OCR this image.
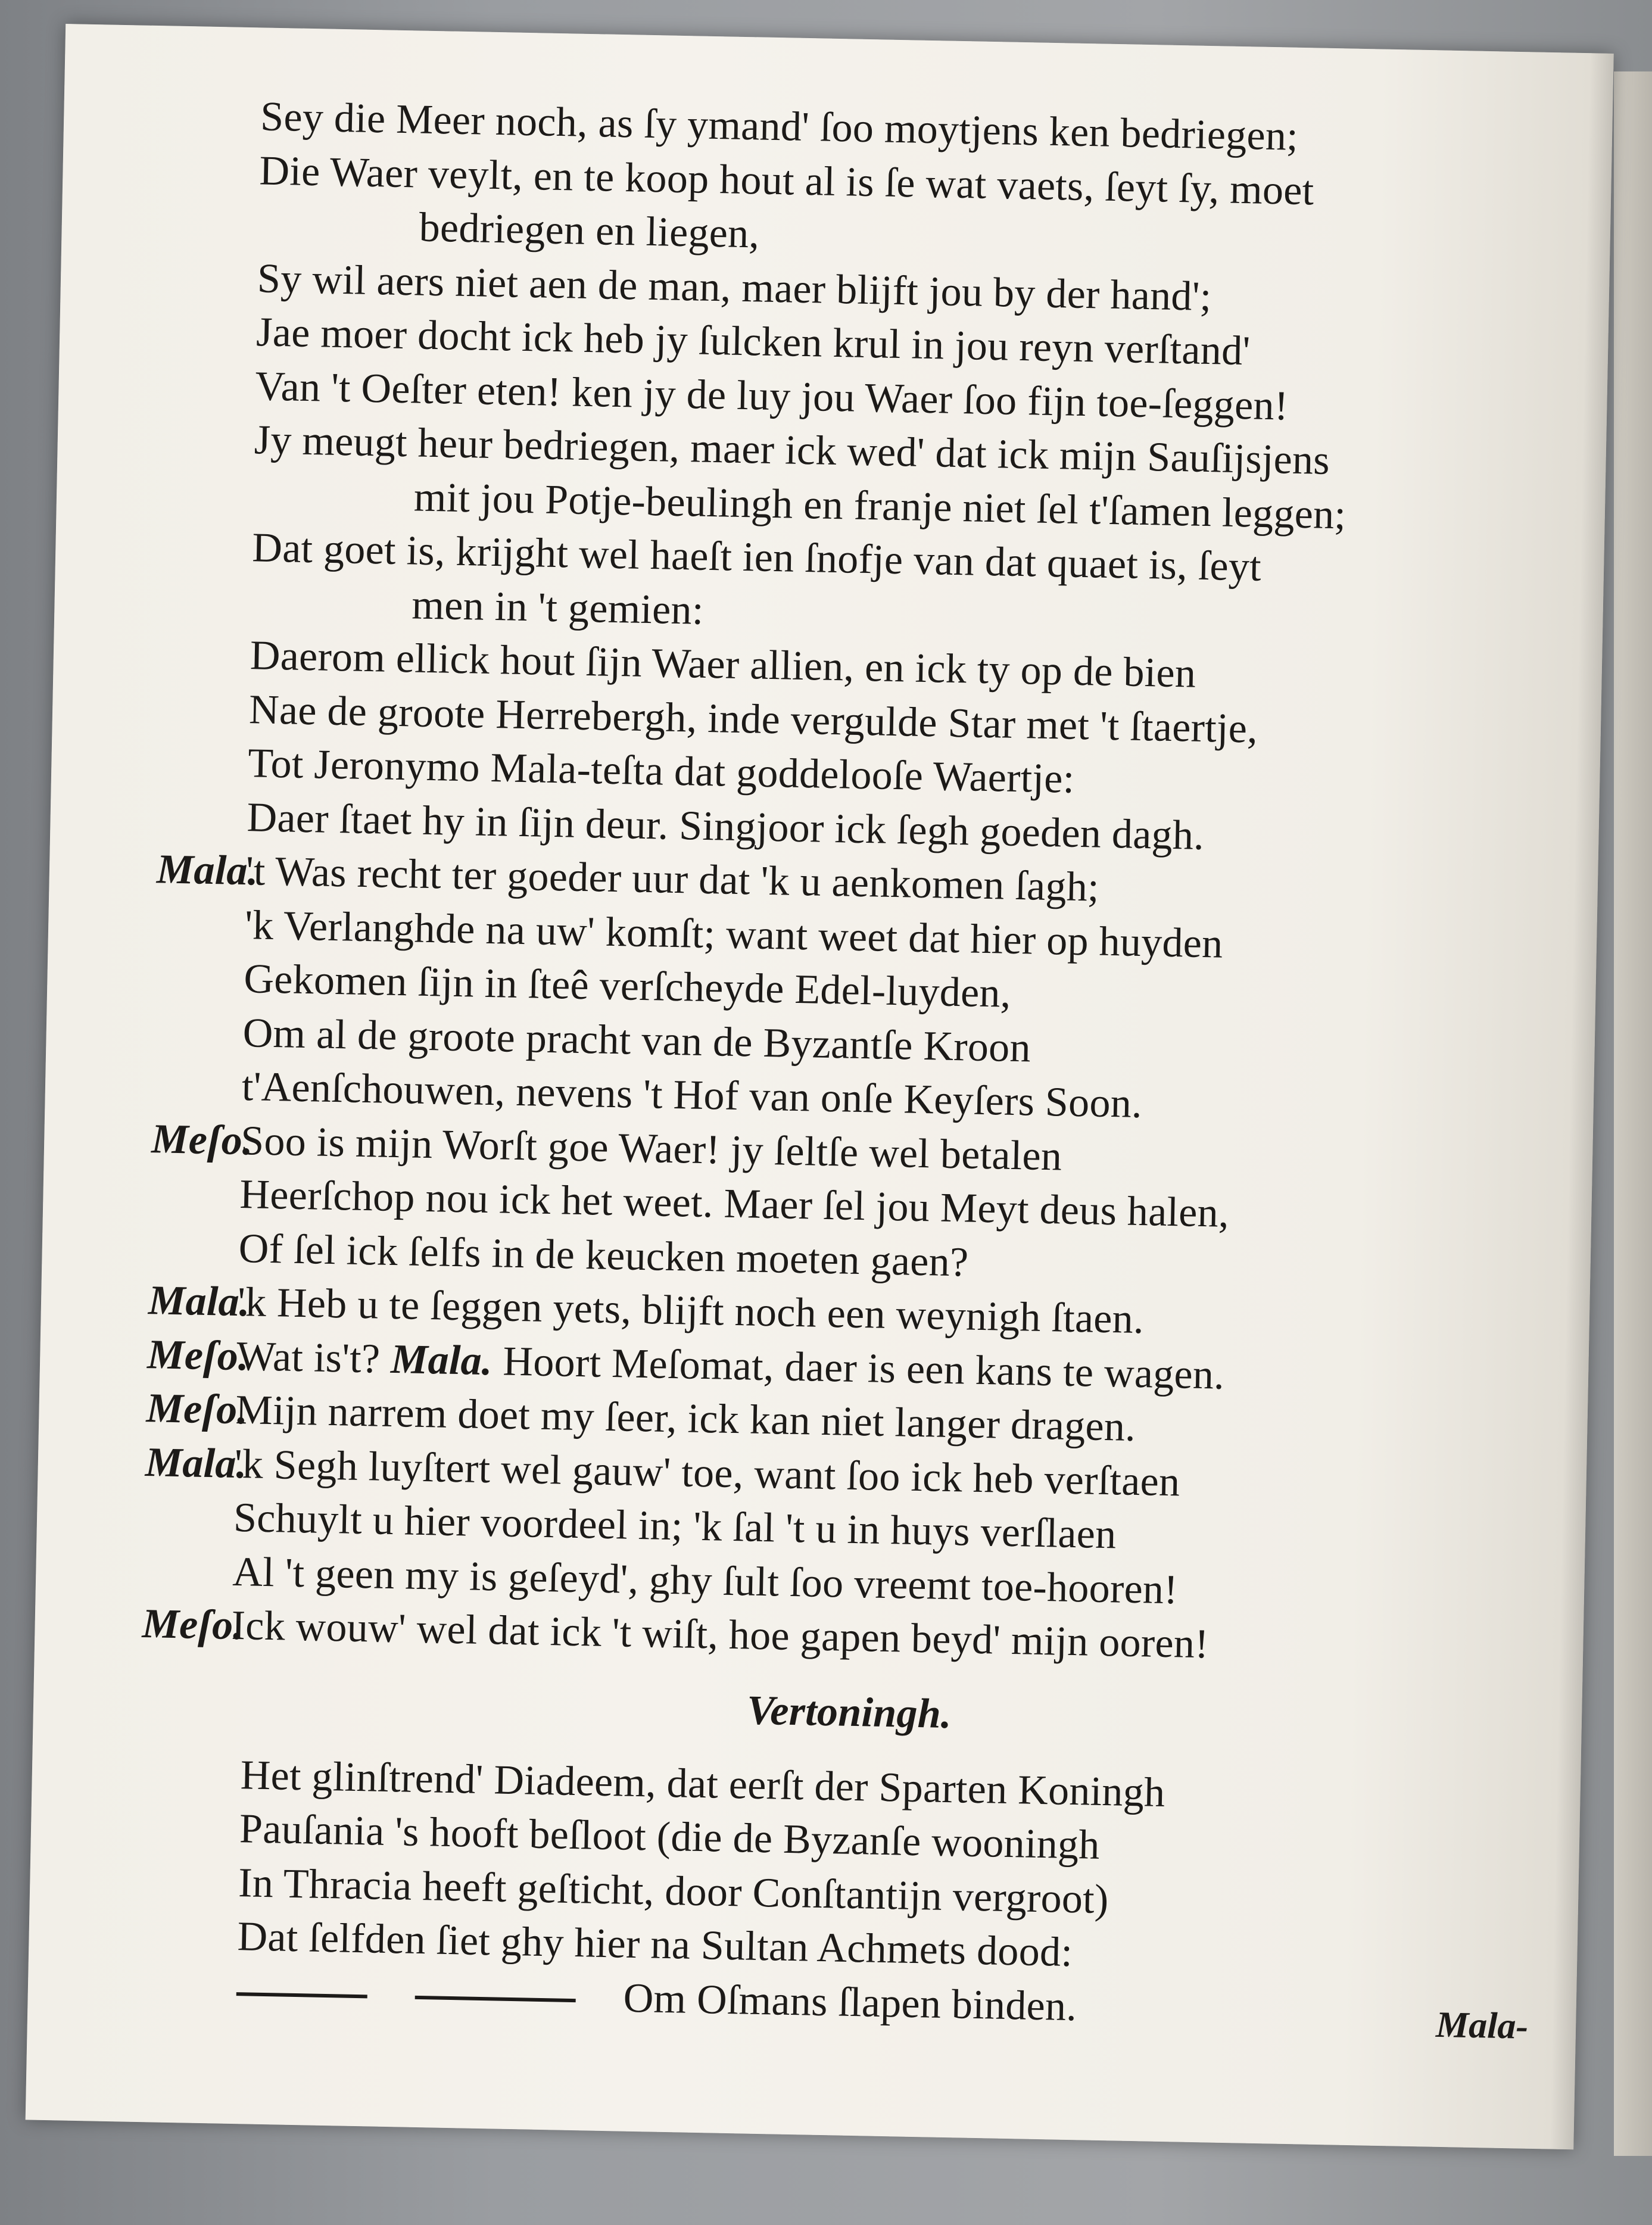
Sey die Meer noch, as ſy ymand' ſoo moytjens ken bedriegen;
Die Waer veylt, en te koop hout al is ſe wat vaets, ſeyt ſy, moet
bedriegen en liegen,
Sy wil aers niet aen de man, maer blijft jou by der hand';
Jae moer docht ick heb jy ſulcken krul in jou reyn verſtand'
Van 't Oeſter eten! ken jy de luy jou Waer ſoo fijn toe-ſeggen!
Jy meugt heur bedriegen, maer ick wed' dat ick mijn Sauſijsjens
mit jou Potje-beulingh en franje niet ſel t'ſamen leggen;
Dat goet is, krijght wel haeſt ien ſnofje van dat quaet is, ſeyt
men in 't gemien:
Daerom ellick hout ſijn Waer allien, en ick ty op de bien
Nae de groote Herrebergh, inde vergulde Star met 't ſtaertje,
Tot Jeronymo Mala-teſta dat goddelooſe Waertje:
Daer ſtaet hy in ſijn deur. Singjoor ick ſegh goeden dagh.
Mala.
't Was recht ter goeder uur dat 'k u aenkomen ſagh;
'k Verlanghde na uw' komſt; want weet dat hier op huyden
Gekomen ſijn in ſteê verſcheyde Edel-luyden,
Om al de groote pracht van de Byzantſe Kroon
t'Aenſchouwen, nevens 't Hof van onſe Keyſers Soon.
Meſo.
Soo is mijn Worſt goe Waer! jy ſeltſe wel betalen
Heerſchop nou ick het weet. Maer ſel jou Meyt deus halen,
Of ſel ick ſelfs in de keucken moeten gaen?
Mala.
'k Heb u te ſeggen yets, blijft noch een weynigh ſtaen.
Meſo.
Wat is't? Mala. Hoort Meſomat, daer is een kans te wagen.
Meſo.
Mijn narrem doet my ſeer, ick kan niet langer dragen.
Mala.
'k Segh luyſtert wel gauw' toe, want ſoo ick heb verſtaen
Schuylt u hier voordeel in; 'k ſal 't u in huys verſlaen
Al 't geen my is geſeyd', ghy ſult ſoo vreemt toe-hooren!
Meſo.
Ick wouw' wel dat ick 't wiſt, hoe gapen beyd' mijn ooren!
Vertoningh.
Het glinſtrend' Diadeem, dat eerſt der Sparten Koningh
Pauſania 's hooft beſloot (die de Byzanſe wooningh
In Thracia heeft geſticht, door Conſtantijn vergroot)
Dat ſelfden ſiet ghy hier na Sultan Achmets dood:
Om Oſmans ſlapen binden.	Mala-
